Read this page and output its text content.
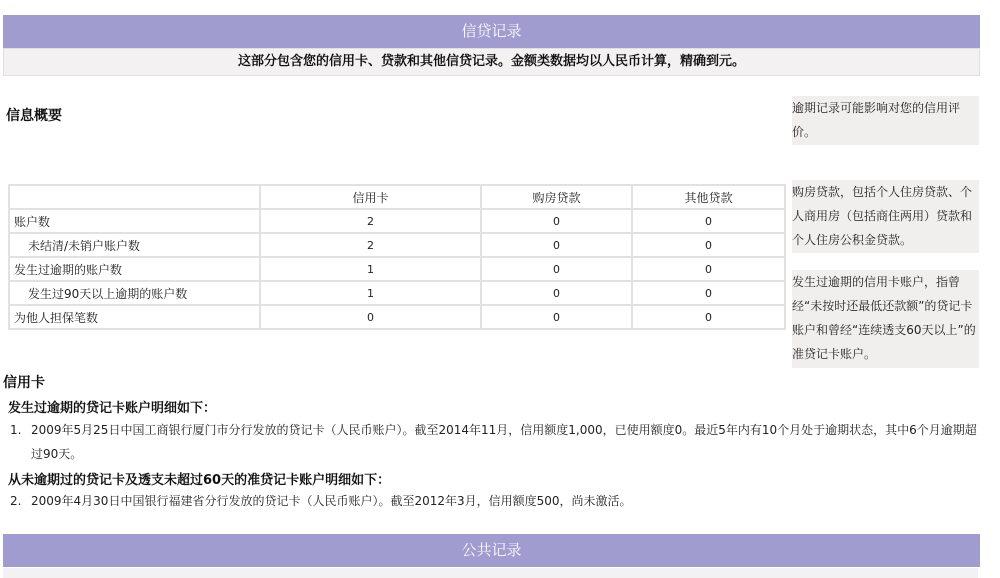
信贷记录
这部分包含您的信用卡、贷款和其他信贷记录。金额类数据均以人民币计算，精确到元。
信息概要	逾期记录可能影响对您的信用评价。
购房贷款，包括个人住房贷款、个人商用房（包括商住两用）贷款和个人住房公积金贷款。
发生过逾期的信用卡账户，指曾经“未按时还最低还款额”的贷记卡账户和曾经“连续透支60天以上”的准贷记卡账户。
	信用卡	购房贷款	其他贷款
账户数	2	0	0
未结清/未销户账户数	2	0	0
发生过逾期的账户数	1	0	0
发生过90天以上逾期的账户数	1	0	0
为他人担保笔数	0	0	0
信用卡
发生过逾期的贷记卡账户明细如下：
1. 2009年5月25日中国工商银行厦门市分行发放的贷记卡（人民币账户）。截至2014年11月，信用额度1,000，已使用额度0。最近5年内有10个月处于逾期状态，其中6个月逾期超过90天。
从未逾期过的贷记卡及透支未超过60天的准贷记卡账户明细如下：
2. 2009年4月30日中国银行福建省分行发放的贷记卡（人民币账户）。截至2012年3月，信用额度500，尚未激活。
公共记录
